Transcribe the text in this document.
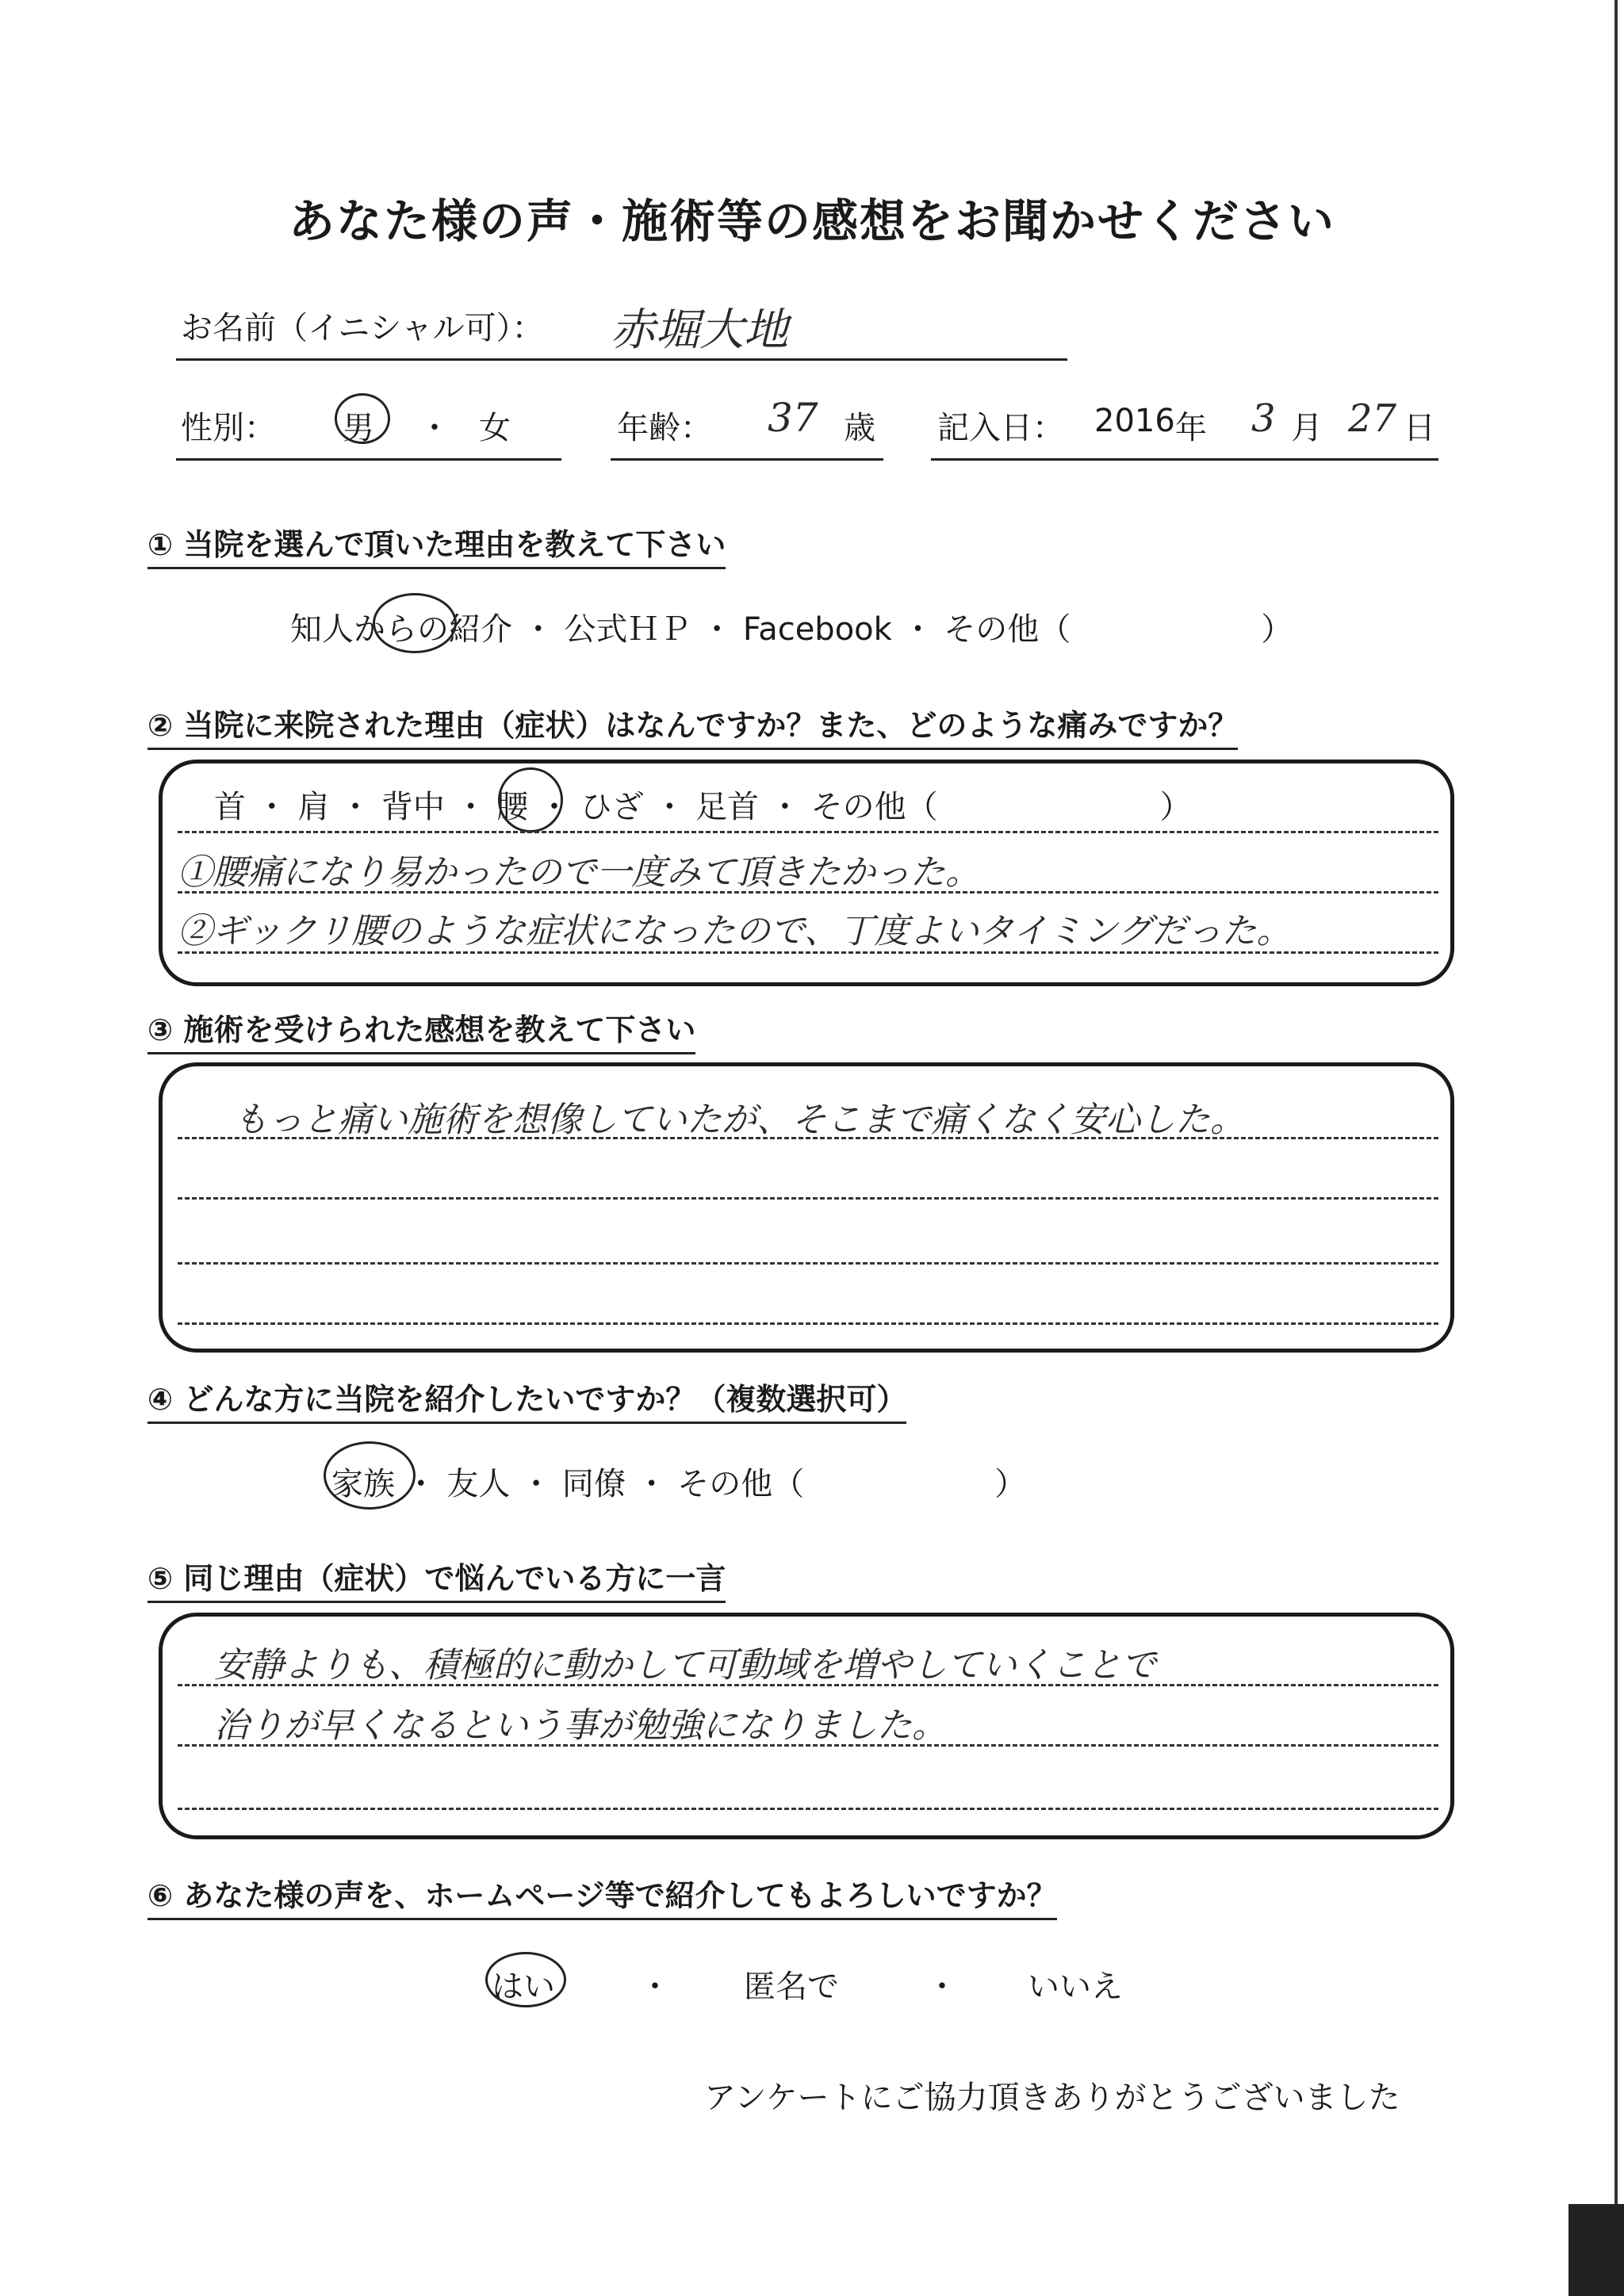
あなた様の声・施術等の感想をお聞かせください
お名前（イニシャル可）： 赤堀大地
性別： 男 ・ 女	年齢： 37 歳 記入日： 2016 年 3 月 27 日
① 当院を選んで頂いた理由を教えて下さい
知人からの紹介 ・ 公式ＨＰ ・ Facebook ・ その他（　　　　　　）
② 当院に来院された理由（症状）はなんですか？また、どのような痛みですか？
首 ・ 肩 ・ 背中 ・ 腰 ・ ひざ ・ 足首 ・ その他（　　　　　　　）
①腰痛になり易かったので一度みて頂きたかった。
②ギックリ腰のような症状になったので、丁度よいタイミングだった。
③ 施術を受けられた感想を教えて下さい
もっと痛い施術を想像していたが、そこまで痛くなく安心した。
④ どんな方に当院を紹介したいですか？（複数選択可）
家族 ・ 友人 ・ 同僚 ・ その他（　　　　　　）
⑤ 同じ理由（症状）で悩んでいる方に一言
安静よりも、積極的に動かして可動域を増やしていくことで
治りが早くなるという事が勉強になりました。
⑥ あなた様の声を、ホームページ等で紹介してもよろしいですか？
はい	・ 匿名で	・ いいえ
アンケートにご協力頂きありがとうございました
